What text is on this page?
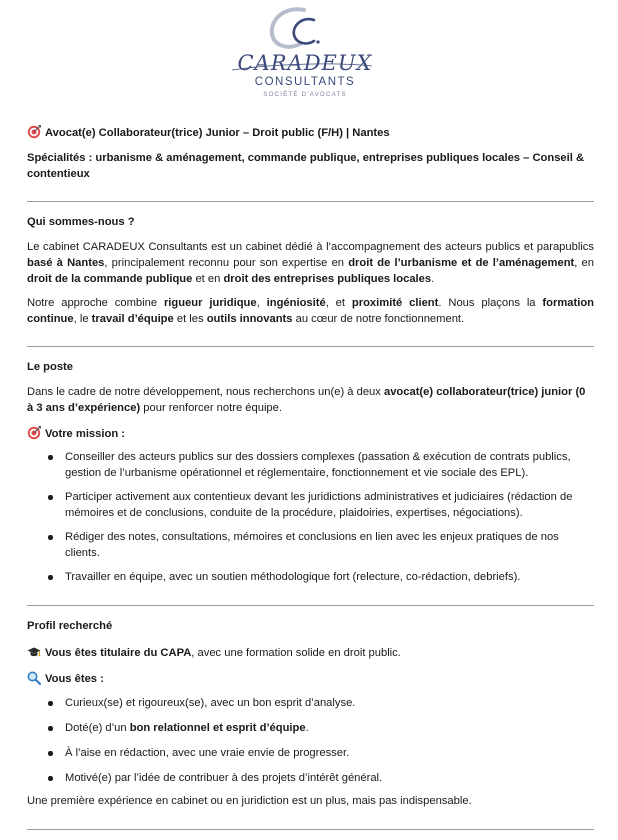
CARADEUX
CONSULTANTS
SOCIÉTÉ D'AVOCATS
Avocat(e) Collaborateur(trice) Junior – Droit public (F/H) | Nantes
Spécialités : urbanisme & aménagement, commande publique, entreprises publiques locales – Conseil & contentieux
Qui sommes-nous ?

Le cabinet CARADEUX Consultants est un cabinet dédié à l’accompagnement des acteurs publics et parapublics basé à Nantes, principalement reconnu pour son expertise en droit de l’urbanisme et de l’aménagement, en droit de la commande publique et en droit des entreprises publiques locales.

Notre approche combine rigueur juridique, ingéniosité, et proximité client. Nous plaçons la formation continue, le travail d’équipe et les outils innovants au cœur de notre fonctionnement.

Le poste

Dans le cadre de notre développement, nous recherchons un(e) à deux avocat(e) collaborateur(trice) junior (0 à 3 ans d’expérience) pour renforcer notre équipe.

Votre mission :
Conseiller des acteurs publics sur des dossiers complexes (passation & exécution de contrats publics, gestion de l’urbanisme opérationnel et réglementaire, fonctionnement et vie sociale des EPL).
Participer activement aux contentieux devant les juridictions administratives et judiciaires (rédaction de mémoires et de conclusions, conduite de la procédure, plaidoiries, expertises, négociations).
Rédiger des notes, consultations, mémoires et conclusions en lien avec les enjeux pratiques de nos clients.
Travailler en équipe, avec un soutien méthodologique fort (relecture, co-rédaction, debriefs).
Profil recherché
Vous êtes titulaire du CAPA, avec une formation solide en droit public.
Vous êtes :
Curieux(se) et rigoureux(se), avec un bon esprit d’analyse.
Doté(e) d’un bon relationnel et esprit d’équipe.
À l’aise en rédaction, avec une vraie envie de progresser.
Motivé(e) par l’idée de contribuer à des projets d’intérêt général.

Une première expérience en cabinet ou en juridiction est un plus, mais pas indispensable.
